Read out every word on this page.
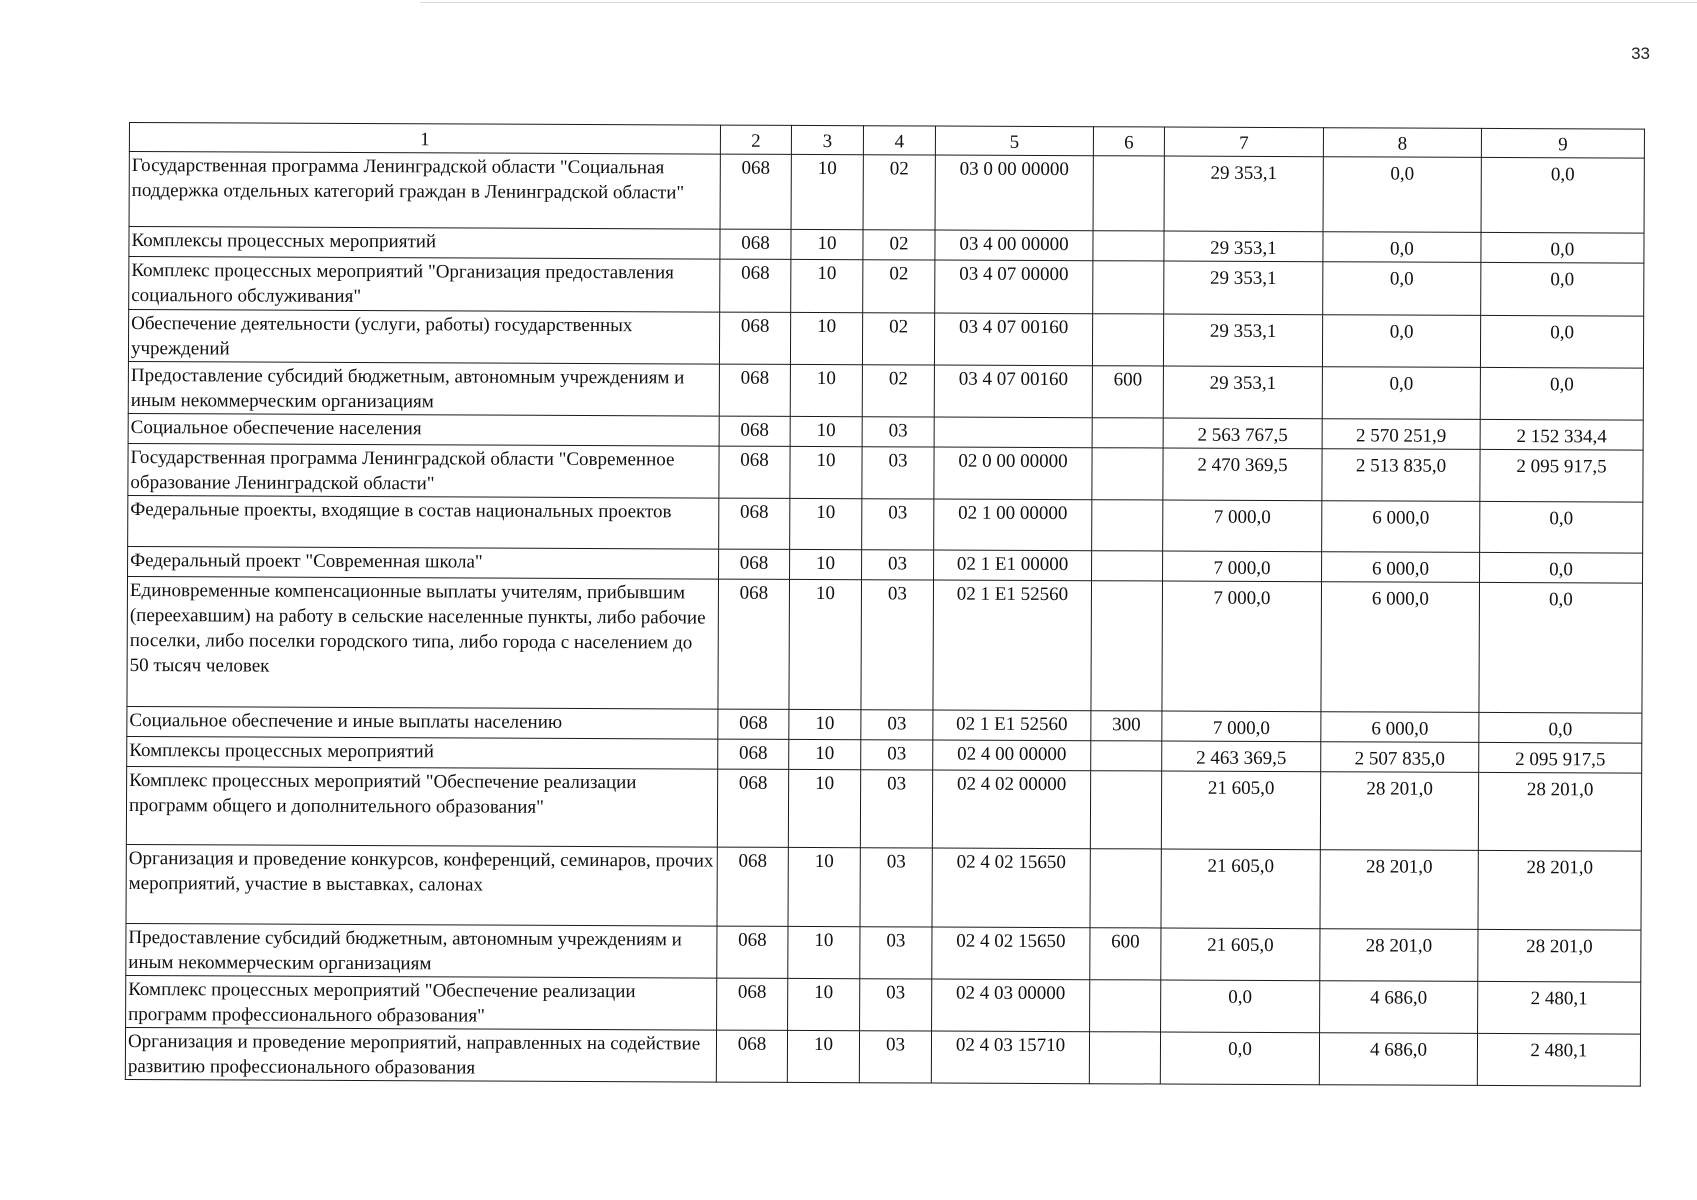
33
1	2	3	4	5	6	7	8	9
Государственная программа Ленинградской области "Социальная поддержка отдельных категорий граждан в Ленинградской области"	068	10	02	03 0 00 00000		29 353,1	0,0	0,0
Комплексы процессных мероприятий	068	10	02	03 4 00 00000		29 353,1	0,0	0,0
Комплекс процессных мероприятий "Организация предоставления социального обслуживания"	068	10	02	03 4 07 00000		29 353,1	0,0	0,0
Обеспечение деятельности (услуги, работы) государственных учреждений	068	10	02	03 4 07 00160		29 353,1	0,0	0,0
Предоставление субсидий бюджетным, автономным учреждениям и иным некоммерческим организациям	068	10	02	03 4 07 00160	600	29 353,1	0,0	0,0
Социальное обеспечение населения	068	10	03			2 563 767,5	2 570 251,9	2 152 334,4
Государственная программа Ленинградской области "Современное образование Ленинградской области"	068	10	03	02 0 00 00000		2 470 369,5	2 513 835,0	2 095 917,5
Федеральные проекты, входящие в состав национальных проектов	068	10	03	02 1 00 00000		7 000,0	6 000,0	0,0
Федеральный проект "Современная школа"	068	10	03	02 1 E1 00000		7 000,0	6 000,0	0,0
Единовременные компенсационные выплаты учителям, прибывшим (переехавшим) на работу в сельские населенные пункты, либо рабочие поселки, либо поселки городского типа, либо города с населением до 50 тысяч человек	068	10	03	02 1 E1 52560		7 000,0	6 000,0	0,0
Социальное обеспечение и иные выплаты населению	068	10	03	02 1 E1 52560	300	7 000,0	6 000,0	0,0
Комплексы процессных мероприятий	068	10	03	02 4 00 00000		2 463 369,5	2 507 835,0	2 095 917,5
Комплекс процессных мероприятий "Обеспечение реализации программ общего и дополнительного образования"	068	10	03	02 4 02 00000		21 605,0	28 201,0	28 201,0
Организация и проведение конкурсов, конференций, семинаров, прочих мероприятий, участие в выставках, салонах	068	10	03	02 4 02 15650		21 605,0	28 201,0	28 201,0
Предоставление субсидий бюджетным, автономным учреждениям и иным некоммерческим организациям	068	10	03	02 4 02 15650	600	21 605,0	28 201,0	28 201,0
Комплекс процессных мероприятий "Обеспечение реализации программ профессионального образования"	068	10	03	02 4 03 00000		0,0	4 686,0	2 480,1
Организация и проведение мероприятий, направленных на содействие развитию профессионального образования	068	10	03	02 4 03 15710		0,0	4 686,0	2 480,1
